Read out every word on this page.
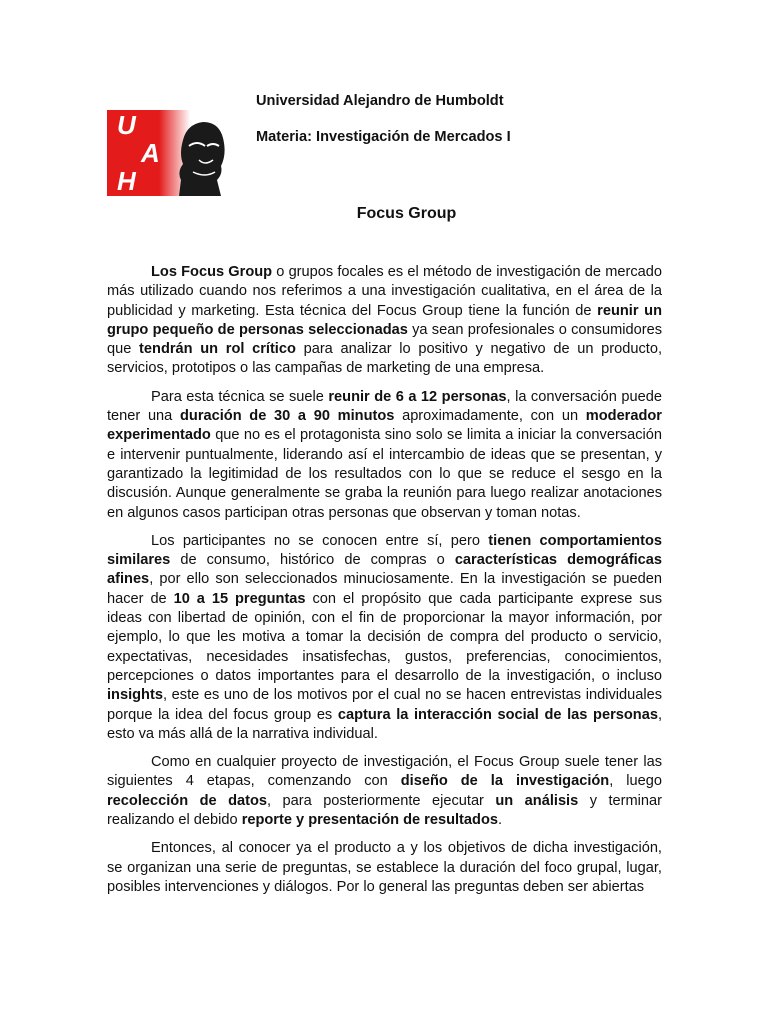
U
A
H
Universidad Alejandro de Humboldt
Materia: Investigación de Mercados I
Focus Group

Los Focus Group o grupos focales es el método de investigación de mercado más utilizado cuando nos referimos a una investigación cualitativa, en el área de la publicidad y marketing. Esta técnica del Focus Group tiene la función de reunir un grupo pequeño de personas seleccionadas ya sean profesionales o consumidores que tendrán un rol crítico para analizar lo positivo y negativo de un producto, servicios, prototipos o las campañas de marketing de una empresa.

Para esta técnica se suele reunir de 6 a 12 personas, la conversación puede tener una duración de 30 a 90 minutos aproximadamente, con un moderador experimentado que no es el protagonista sino solo se limita a iniciar la conversación e intervenir puntualmente, liderando así el intercambio de ideas que se presentan, y garantizado la legitimidad de los resultados con lo que se reduce el sesgo en la discusión. Aunque generalmente se graba la reunión para luego realizar anotaciones en algunos casos participan otras personas que observan y toman notas.

Los participantes no se conocen entre sí, pero tienen comportamientos similares de consumo, histórico de compras o características demográficas afines, por ello son seleccionados minuciosamente. En la investigación se pueden hacer de 10 a 15 preguntas con el propósito que cada participante exprese sus ideas con libertad de opinión, con el fin de proporcionar la mayor información, por ejemplo, lo que les motiva a tomar la decisión de compra del producto o servicio, expectativas, necesidades insatisfechas, gustos, preferencias, conocimientos, percepciones o datos importantes para el desarrollo de la investigación, o incluso insights, este es uno de los motivos por el cual no se hacen entrevistas individuales porque la idea del focus group es captura la interacción social de las personas, esto va más allá de la narrativa individual.

Como en cualquier proyecto de investigación, el Focus Group suele tener las siguientes 4 etapas, comenzando con diseño de la investigación, luego recolección de datos, para posteriormente ejecutar un análisis y terminar realizando el debido reporte y presentación de resultados.

Entonces, al conocer ya el producto a y los objetivos de dicha investigación, se organizan una serie de preguntas, se establece la duración del foco grupal, lugar, posibles intervenciones y diálogos. Por lo general las preguntas deben ser abiertas
